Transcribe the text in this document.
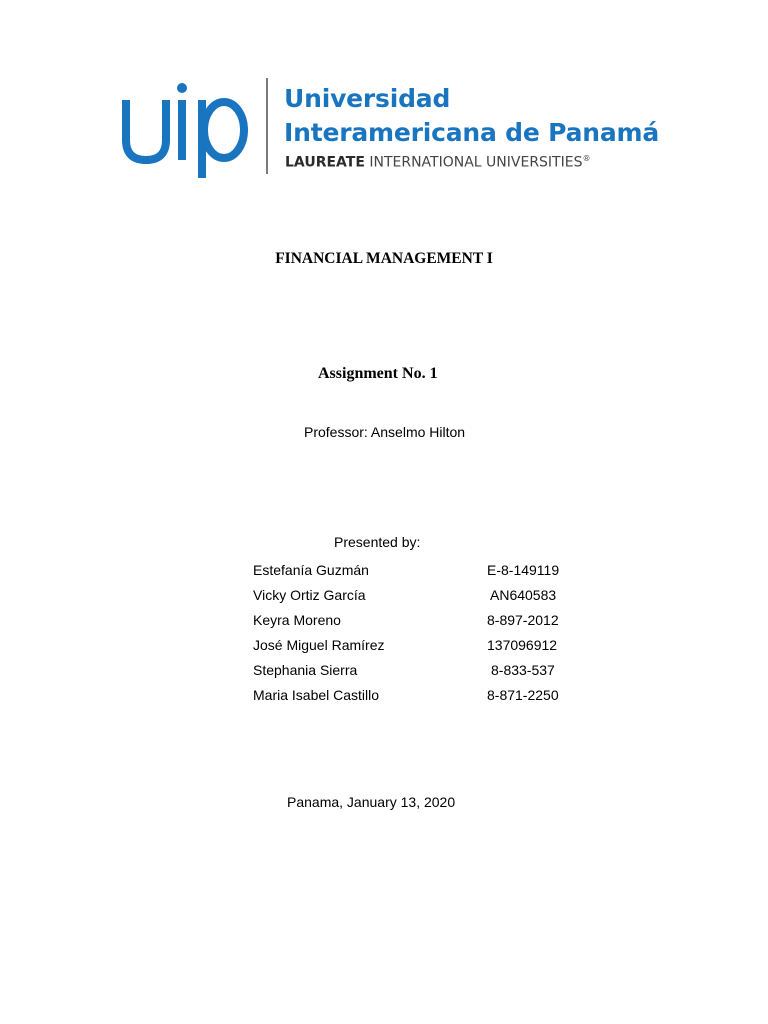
Universidad
Interamericana de Panamá
LAUREATE INTERNATIONAL UNIVERSITIES®
FINANCIAL MANAGEMENT I
Assignment No. 1
Professor: Anselmo Hilton
Presented by:
Estefanía Guzmán	E-8-149119
Vicky Ortiz García	AN640583
Keyra Moreno	8-897-2012
José Miguel Ramírez	137096912
Stephania Sierra	8-833-537
Maria Isabel Castillo	8-871-2250
Panama, January 13, 2020
